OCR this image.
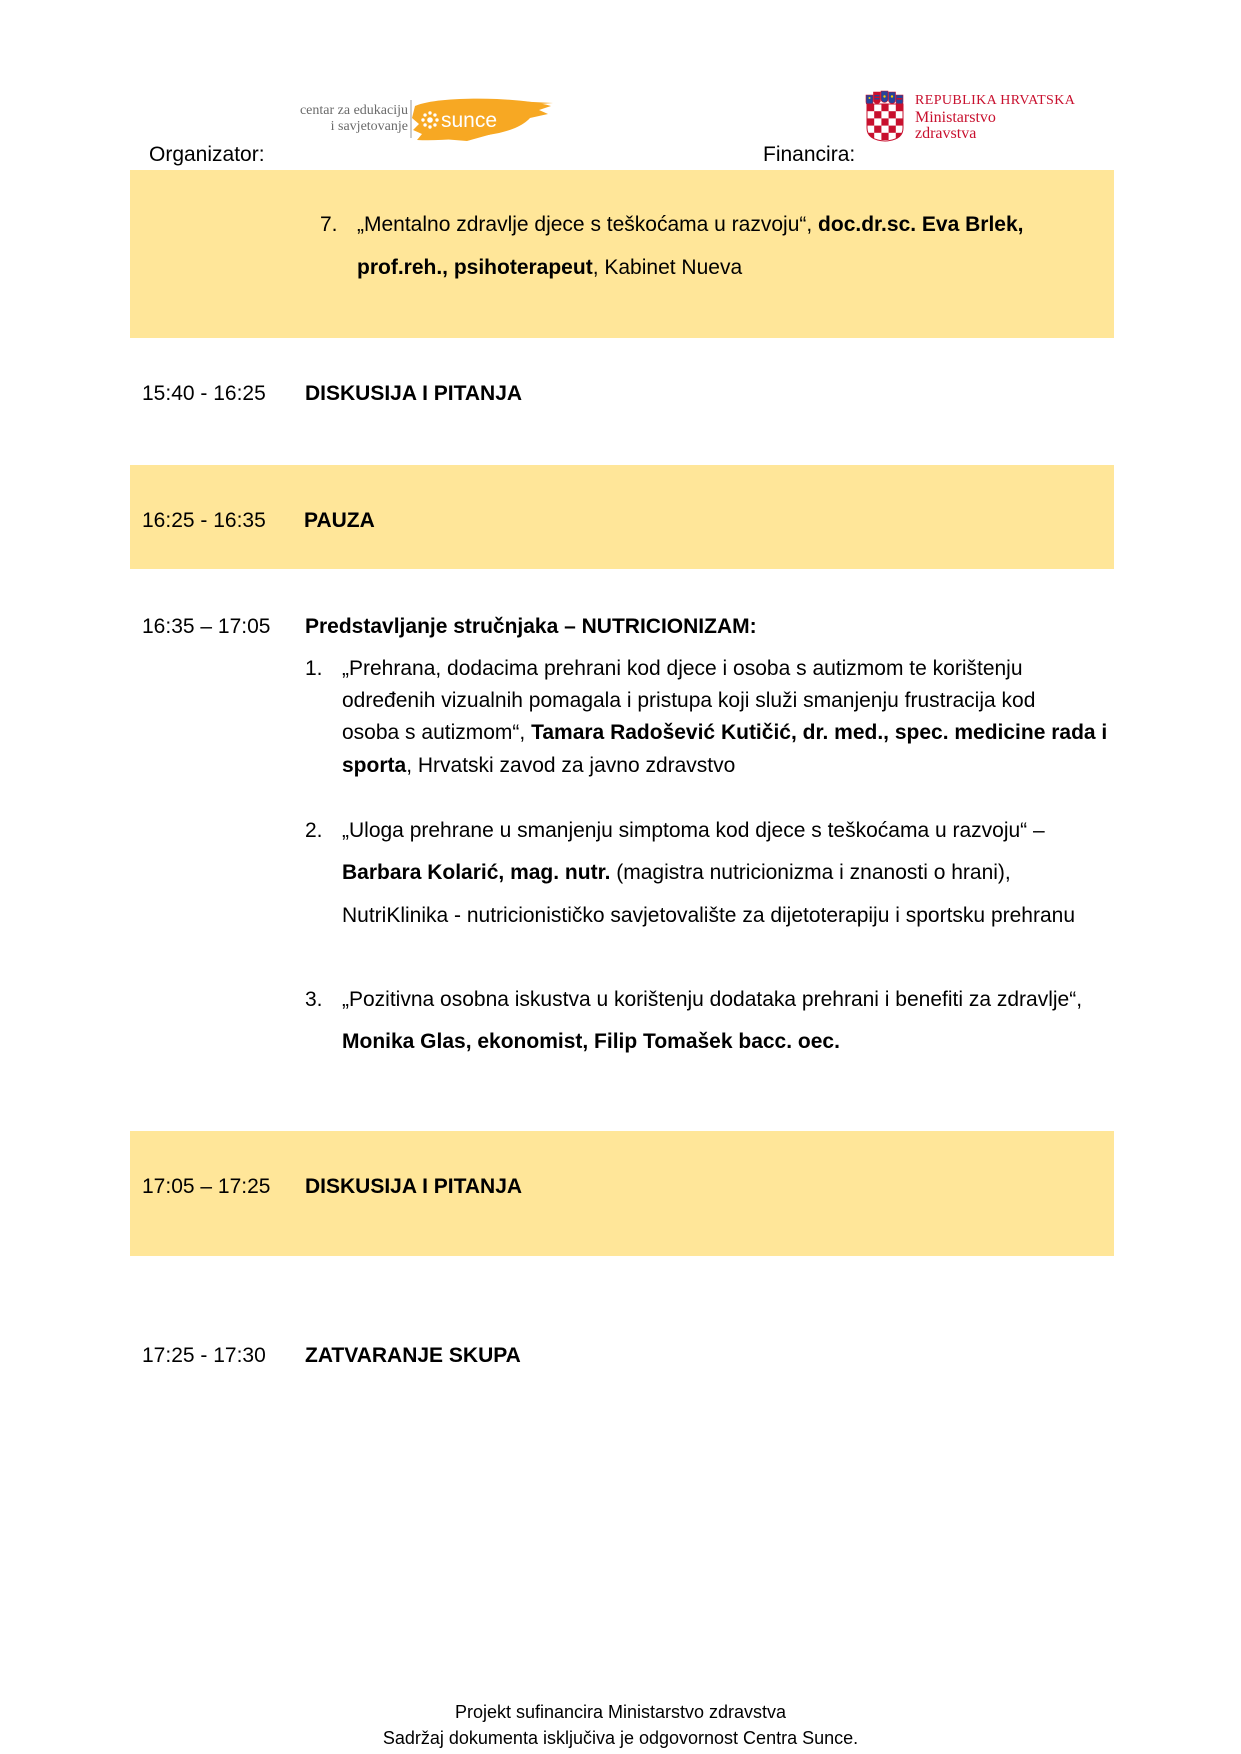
centar za edukaciju
i savjetovanje sunce
REPUBLIKA HRVATSKA
Ministarstvo
zdravstva
Organizator:	Financira:
7. „Mentalno zdravlje djece s teškoćama u razvoju“, doc.dr.sc. Eva Brlek,
prof.reh., psihoterapeut, Kabinet Nueva
15:40 - 16:25 DISKUSIJA I PITANJA
16:25 - 16:35 PAUZA
16:35 – 17:05 Predstavljanje stručnjaka – NUTRICIONIZAM:
1. „Prehrana, dodacima prehrani kod djece i osoba s autizmom te korištenju
određenih vizualnih pomagala i pristupa koji služi smanjenju frustracija kod
osoba s autizmom“, Tamara Radošević Kutičić, dr. med., spec. medicine rada i
sporta, Hrvatski zavod za javno zdravstvo
2. „Uloga prehrane u smanjenju simptoma kod djece s teškoćama u razvoju“ –
Barbara Kolarić, mag. nutr. (magistra nutricionizma i znanosti o hrani),
NutriKlinika - nutricionističko savjetovalište za dijetoterapiju i sportsku prehranu
3. „Pozitivna osobna iskustva u korištenju dodataka prehrani i benefiti za zdravlje“,
Monika Glas, ekonomist, Filip Tomašek bacc. oec.
17:05 – 17:25 DISKUSIJA I PITANJA
17:25 - 17:30 ZATVARANJE SKUPA
Projekt sufinancira Ministarstvo zdravstva
Sadržaj dokumenta isključiva je odgovornost Centra Sunce.
